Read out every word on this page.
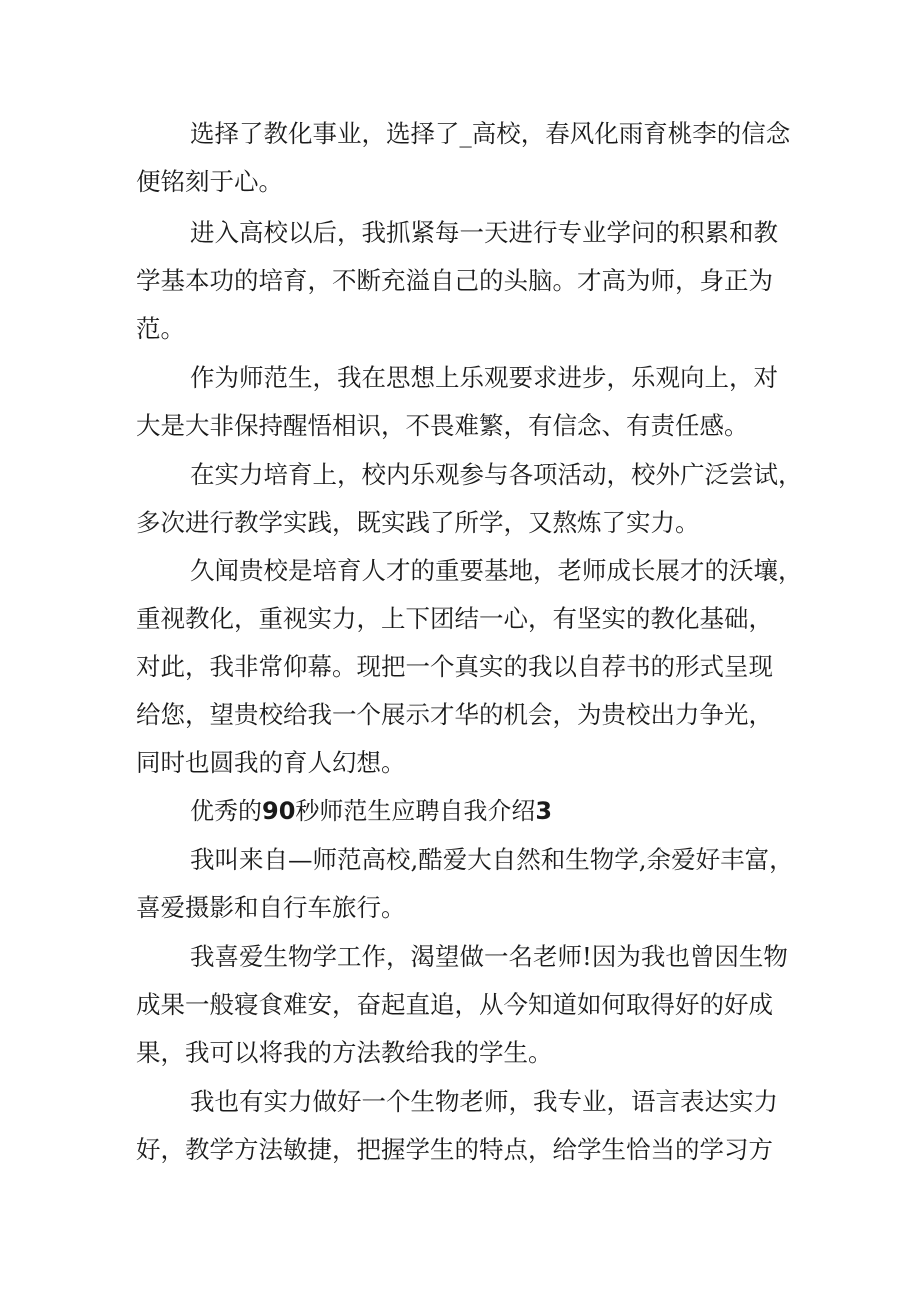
选择了教化事业，选择了_高校，春风化雨育桃李的信念
便铭刻于心。
进入高校以后，我抓紧每一天进行专业学问的积累和教
学基本功的培育，不断充溢自己的头脑。才高为师，身正为
范。
作为师范生，我在思想上乐观要求进步，乐观向上，对
大是大非保持醒悟相识，不畏难繁，有信念、有责任感。
在实力培育上，校内乐观参与各项活动，校外广泛尝试，
多次进行教学实践，既实践了所学，又熬炼了实力。
久闻贵校是培育人才的重要基地，老师成长展才的沃壤，
重视教化，重视实力，上下团结一心，有坚实的教化基础，
对此，我非常仰幕。现把一个真实的我以自荐书的形式呈现
给您，望贵校给我一个展示才华的机会，为贵校出力争光，
同时也圆我的育人幻想。
优秀的90秒师范生应聘自我介绍3
我叫来自—师范高校,酷爱大自然和生物学,余爱好丰富，
喜爱摄影和自行车旅行。
我喜爱生物学工作，渴望做一名老师!因为我也曾因生物
成果一般寝食难安，奋起直追，从今知道如何取得好的好成
果，我可以将我的方法教给我的学生。
我也有实力做好一个生物老师，我专业，语言表达实力
好，教学方法敏捷，把握学生的特点，给学生恰当的学习方
